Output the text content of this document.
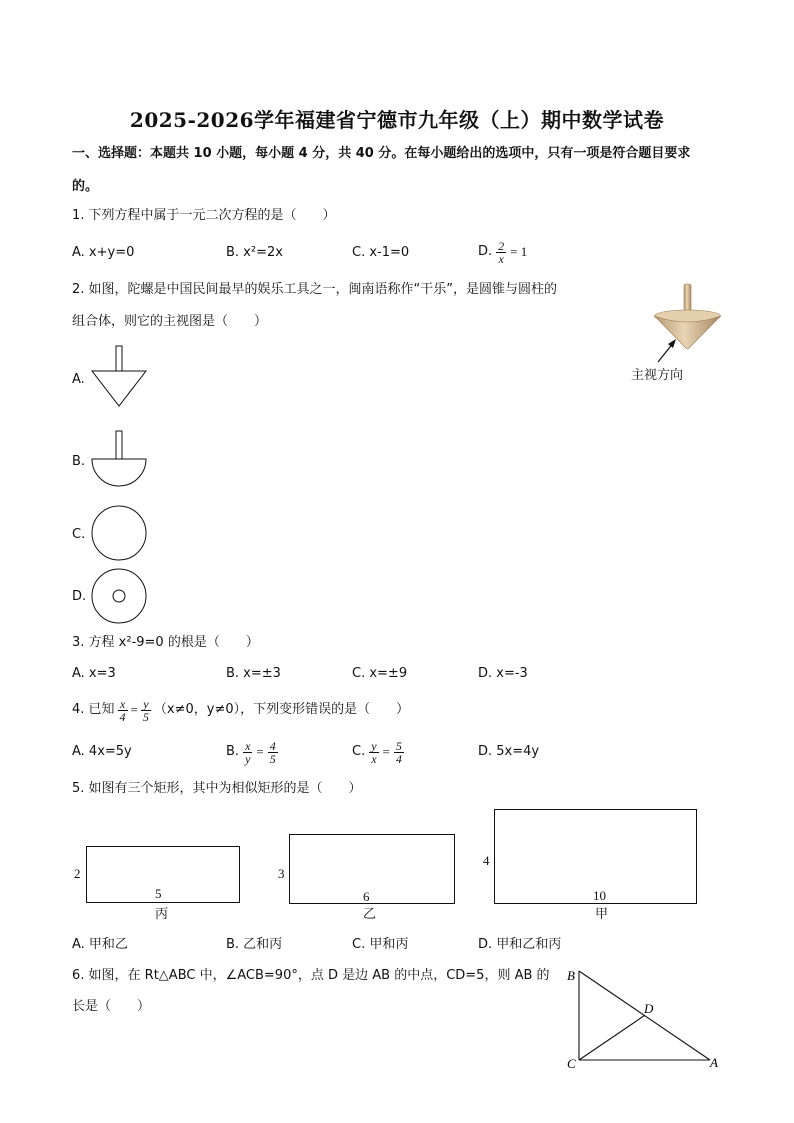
2025-2026学年福建省宁德市九年级（上）期中数学试卷
一、选择题：本题共 10 小题，每小题 4 分，共 40 分。在每小题给出的选项中，只有一项是符合题目要求
的。
1. 下列方程中属于一元二次方程的是（　　）
A. x+y=0	B. x²=2x	C. x-1=0	D. $\frac{2}{x} = 1$
2. 如图，陀螺是中国民间最早的娱乐工具之一，闽南语称作“干乐”，是圆锥与圆柱的
组合体，则它的主视图是（　　）
主视方向
A.
B.
C.
D.
3. 方程 x²-9=0 的根是（　　）
A. x=3	B. x=±3	C. x=±9	D. x=-3
4. 已知 $\frac{x}{4} = \frac{y}{5} (x\ne 0$，y≠0），下列变形错误的是（　　）
A. 4x=5y	B. $\frac{x}{y} = \frac{4}{5}$	C. $\frac{y}{x} = \frac{5}{4}$	D. 5x=4y
5. 如图有三个矩形，其中为相似矩形的是（　　）
2
5
丙
3
6
乙
4
10
甲
A. 甲和乙	B. 乙和丙	C. 甲和丙	D. 甲和乙和丙
6. 如图，在 Rt△ABC 中，∠ACB=90°，点 D 是边 AB 的中点，CD=5，则 AB 的
长是（　　）
B
D
C	A
